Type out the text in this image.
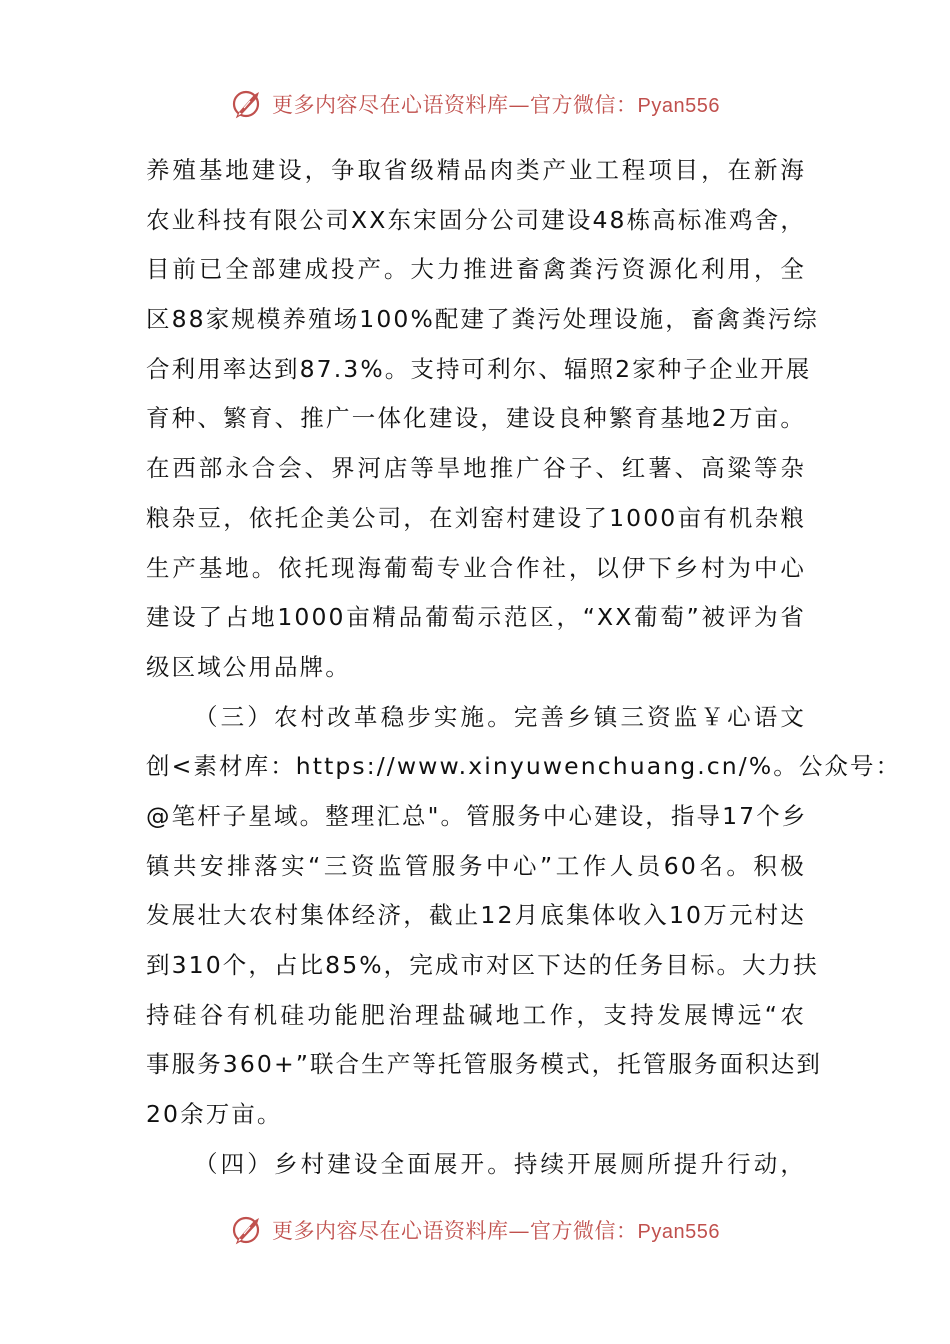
更多内容尽在心语资料库—官方微信：Pyan556
养殖基地建设，争取省级精品肉类产业工程项目，在新海
农业科技有限公司XX东宋固分公司建设48栋高标准鸡舍，
目前已全部建成投产。大力推进畜禽粪污资源化利用，全
区88家规模养殖场100%配建了粪污处理设施，畜禽粪污综
合利用率达到87.3%。支持可利尔、辐照2家种子企业开展
育种、繁育、推广一体化建设，建设良种繁育基地2万亩。
在西部永合会、界河店等旱地推广谷子、红薯、高粱等杂
粮杂豆，依托企美公司，在刘窑村建设了1000亩有机杂粮
生产基地。依托现海葡萄专业合作社，以伊下乡村为中心
建设了占地1000亩精品葡萄示范区，“XX葡萄”被评为省
级区域公用品牌。
（三）农村改革稳步实施。完善乡镇三资监￥心语文
创<素材库：https://www.xinyuwenchuang.cn/%。公众号：
@笔杆子星域。整理汇总"。管服务中心建设，指导17个乡
镇共安排落实“三资监管服务中心”工作人员60名。积极
发展壮大农村集体经济，截止12月底集体收入10万元村达
到310个，占比85%，完成市对区下达的任务目标。大力扶
持硅谷有机硅功能肥治理盐碱地工作，支持发展博远“农
事服务360+”联合生产等托管服务模式，托管服务面积达到
20余万亩。
（四）乡村建设全面展开。持续开展厕所提升行动，
更多内容尽在心语资料库—官方微信：Pyan556
